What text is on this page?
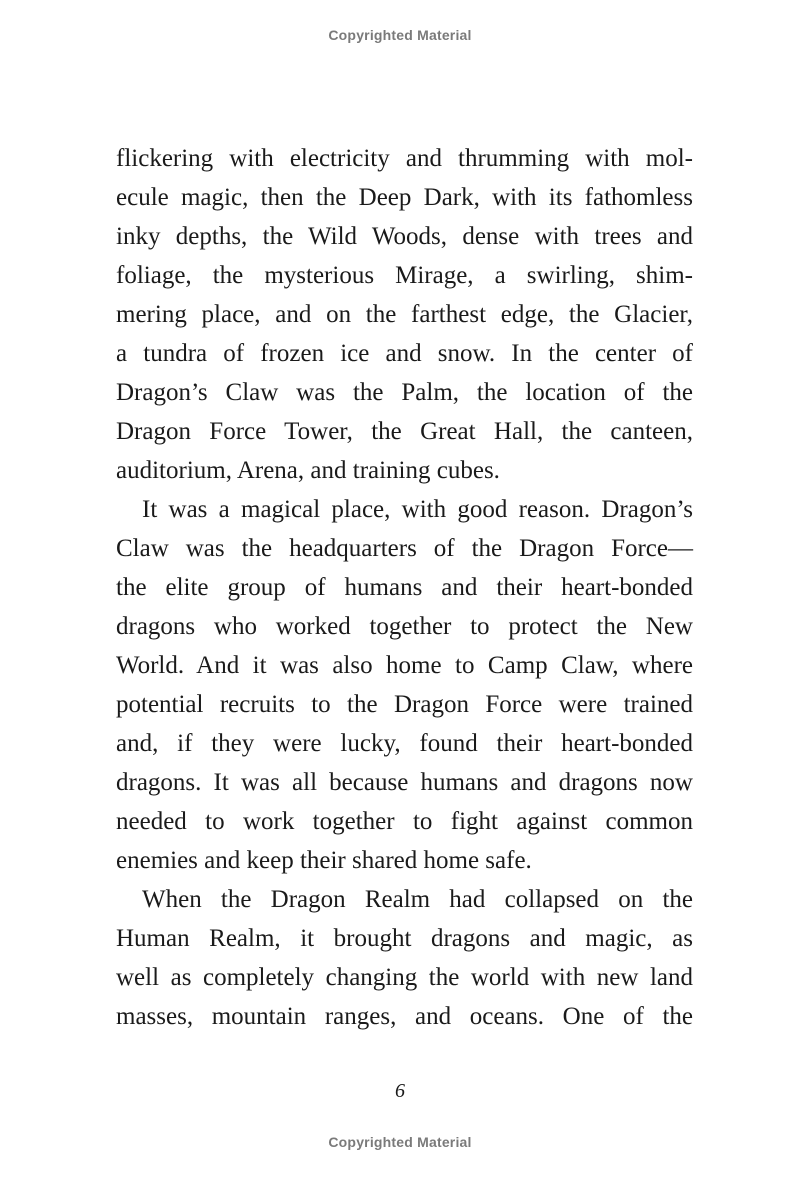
Copyrighted Material
flickering with electricity and thrumming with mol-
ecule magic, then the Deep Dark, with its fathomless
inky depths, the Wild Woods, dense with trees and
foliage, the mysterious Mirage, a swirling, shim-
mering place, and on the farthest edge, the Glacier,
a tundra of frozen ice and snow. In the center of
Dragon’s Claw was the Palm, the location of the
Dragon Force Tower, the Great Hall, the canteen,
auditorium, Arena, and training cubes.
It was a magical place, with good reason. Dragon’s
Claw was the headquarters of the Dragon Force—
the elite group of humans and their heart-bonded
dragons who worked together to protect the New
World. And it was also home to Camp Claw, where
potential recruits to the Dragon Force were trained
and, if they were lucky, found their heart-bonded
dragons. It was all because humans and dragons now
needed to work together to fight against common
enemies and keep their shared home safe.
When the Dragon Realm had collapsed on the
Human Realm, it brought dragons and magic, as
well as completely changing the world with new land
masses, mountain ranges, and oceans. One of the
6
Copyrighted Material
